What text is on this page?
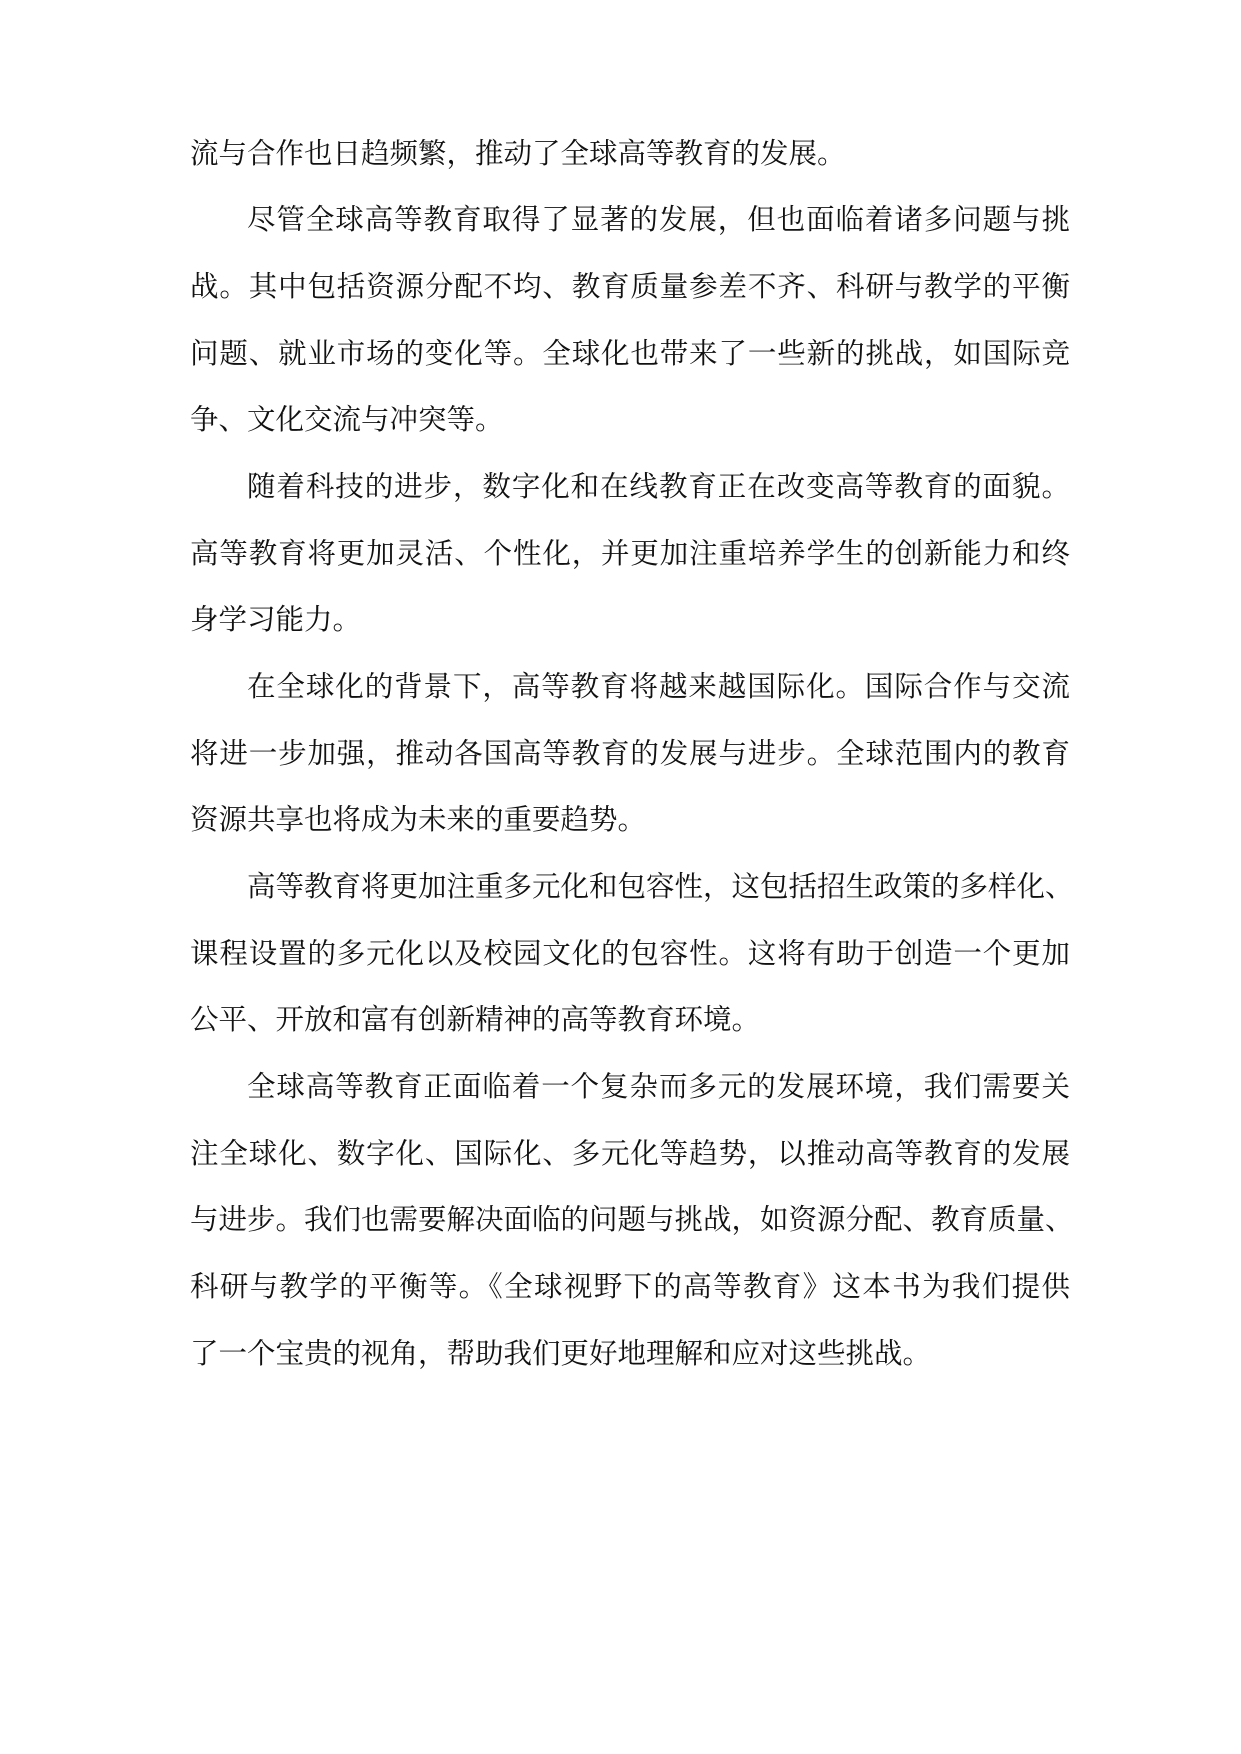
流与合作也日趋频繁，推动了全球高等教育的发展。
尽管全球高等教育取得了显著的发展，但也面临着诸多问题与挑
战。其中包括资源分配不均、教育质量参差不齐、科研与教学的平衡
问题、就业市场的变化等。全球化也带来了一些新的挑战，如国际竞
争、文化交流与冲突等。
随着科技的进步，数字化和在线教育正在改变高等教育的面貌。
高等教育将更加灵活、个性化，并更加注重培养学生的创新能力和终
身学习能力。
在全球化的背景下，高等教育将越来越国际化。国际合作与交流
将进一步加强，推动各国高等教育的发展与进步。全球范围内的教育
资源共享也将成为未来的重要趋势。
高等教育将更加注重多元化和包容性，这包括招生政策的多样化、
课程设置的多元化以及校园文化的包容性。这将有助于创造一个更加
公平、开放和富有创新精神的高等教育环境。
全球高等教育正面临着一个复杂而多元的发展环境，我们需要关
注全球化、数字化、国际化、多元化等趋势，以推动高等教育的发展
与进步。我们也需要解决面临的问题与挑战，如资源分配、教育质量、
科研与教学的平衡等。《全球视野下的高等教育》这本书为我们提供
了一个宝贵的视角，帮助我们更好地理解和应对这些挑战。
